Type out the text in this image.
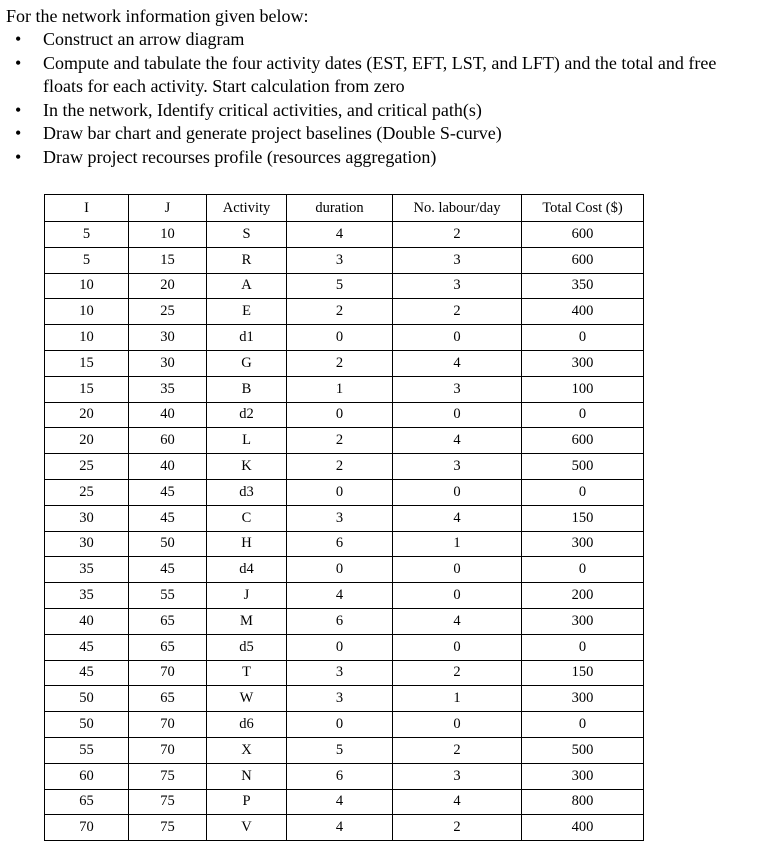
For the network information given below:
• Construct an arrow diagram
• Compute and tabulate the four activity dates (EST, EFT, LST, and LFT) and the total and free floats for each activity. Start calculation from zero
• In the network, Identify critical activities, and critical path(s)
• Draw bar chart and generate project baselines (Double S-curve)
• Draw project recourses profile (resources aggregation)
I	J	Activity	duration	No. labour/day	Total Cost ($)
5	10	S	4	2	600
5	15	R	3	3	600
10	20	A	5	3	350
10	25	E	2	2	400
10	30	d1	0	0	0
15	30	G	2	4	300
15	35	B	1	3	100
20	40	d2	0	0	0
20	60	L	2	4	600
25	40	K	2	3	500
25	45	d3	0	0	0
30	45	C	3	4	150
30	50	H	6	1	300
35	45	d4	0	0	0
35	55	J	4	0	200
40	65	M	6	4	300
45	65	d5	0	0	0
45	70	T	3	2	150
50	65	W	3	1	300
50	70	d6	0	0	0
55	70	X	5	2	500
60	75	N	6	3	300
65	75	P	4	4	800
70	75	V	4	2	400
